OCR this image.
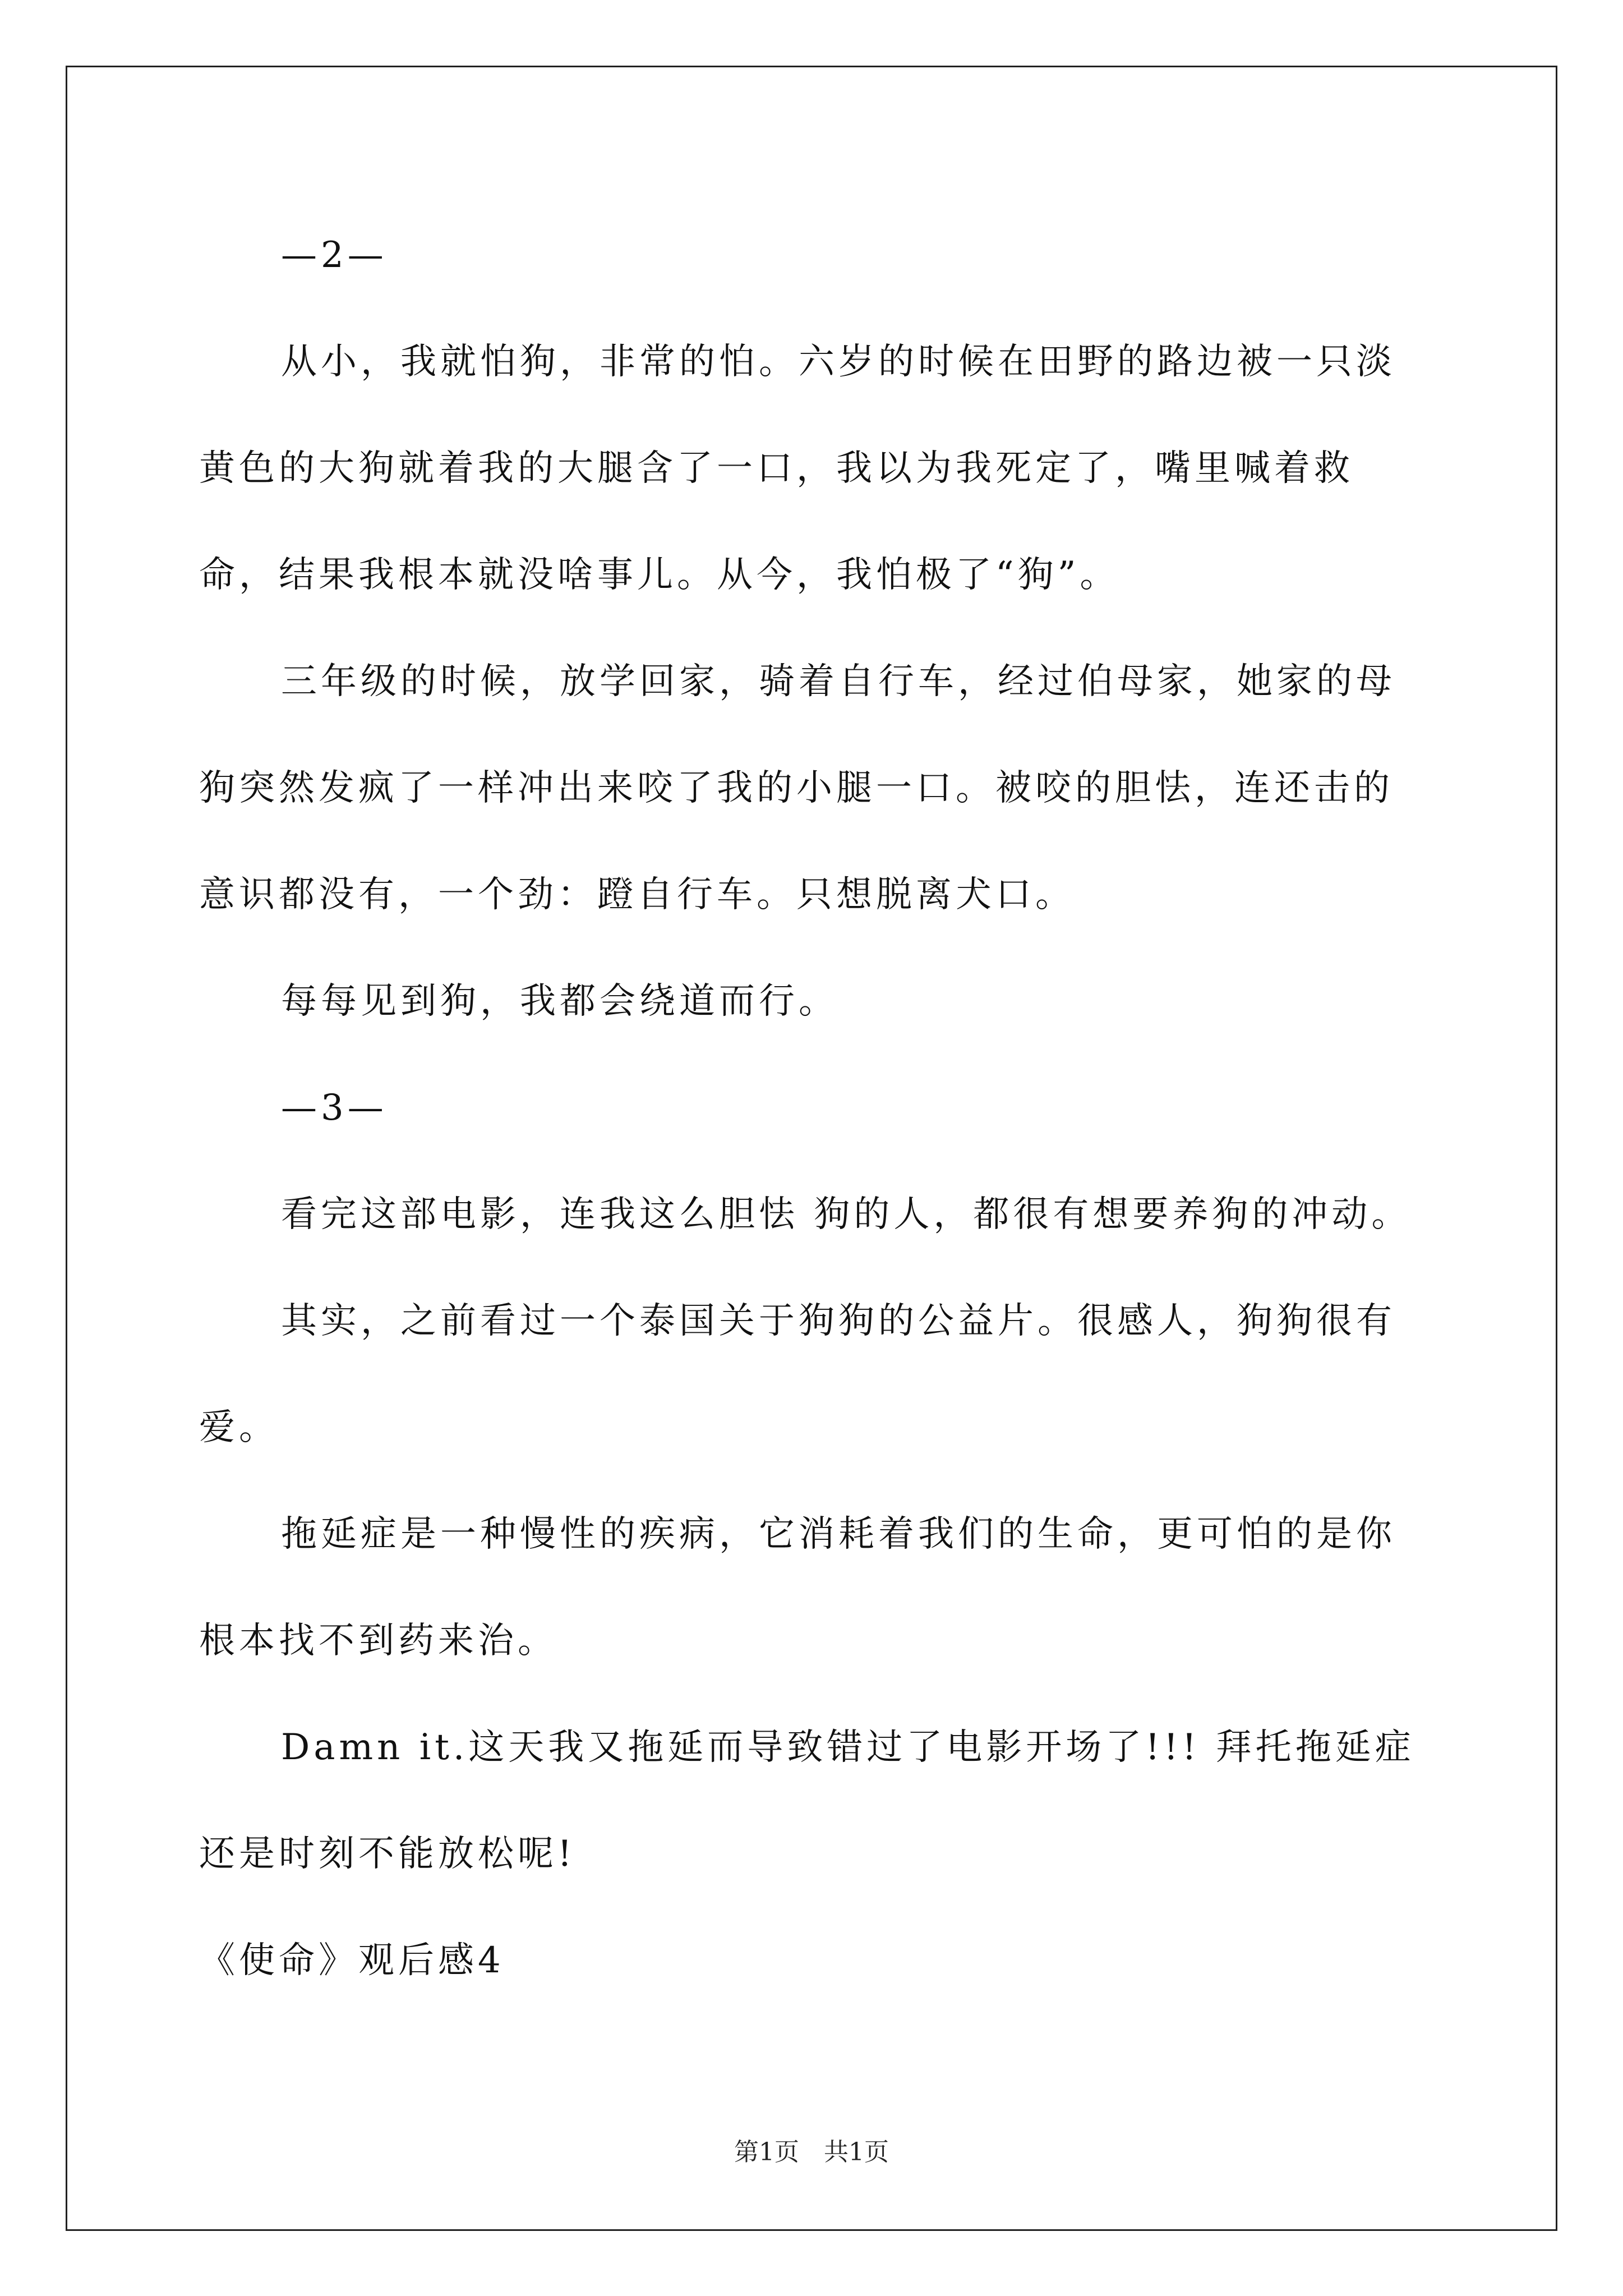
—2—

从小，我就怕狗，非常的怕。六岁的时候在田野的路边被一只淡黄色的大狗就着我的大腿含了一口，我以为我死定了，嘴里喊着救命，结果我根本就没啥事儿。从今，我怕极了“狗”。

三年级的时候，放学回家，骑着自行车，经过伯母家，她家的母狗突然发疯了一样冲出来咬了我的小腿一口。被咬的胆怯，连还击的意识都没有，一个劲：蹬自行车。只想脱离犬口。

每每见到狗，我都会绕道而行。

—3—

看完这部电影，连我这么胆怯 狗的人，都很有想要养狗的冲动。

其实，之前看过一个泰国关于狗狗的公益片。很感人，狗狗很有爱。

拖延症是一种慢性的疾病，它消耗着我们的生命，更可怕的是你根本找不到药来治。

Damn it.这天我又拖延而导致错过了电影开场了!!! 拜托拖延症还是时刻不能放松呢!

《使命》观后感4

第1页　共1页
